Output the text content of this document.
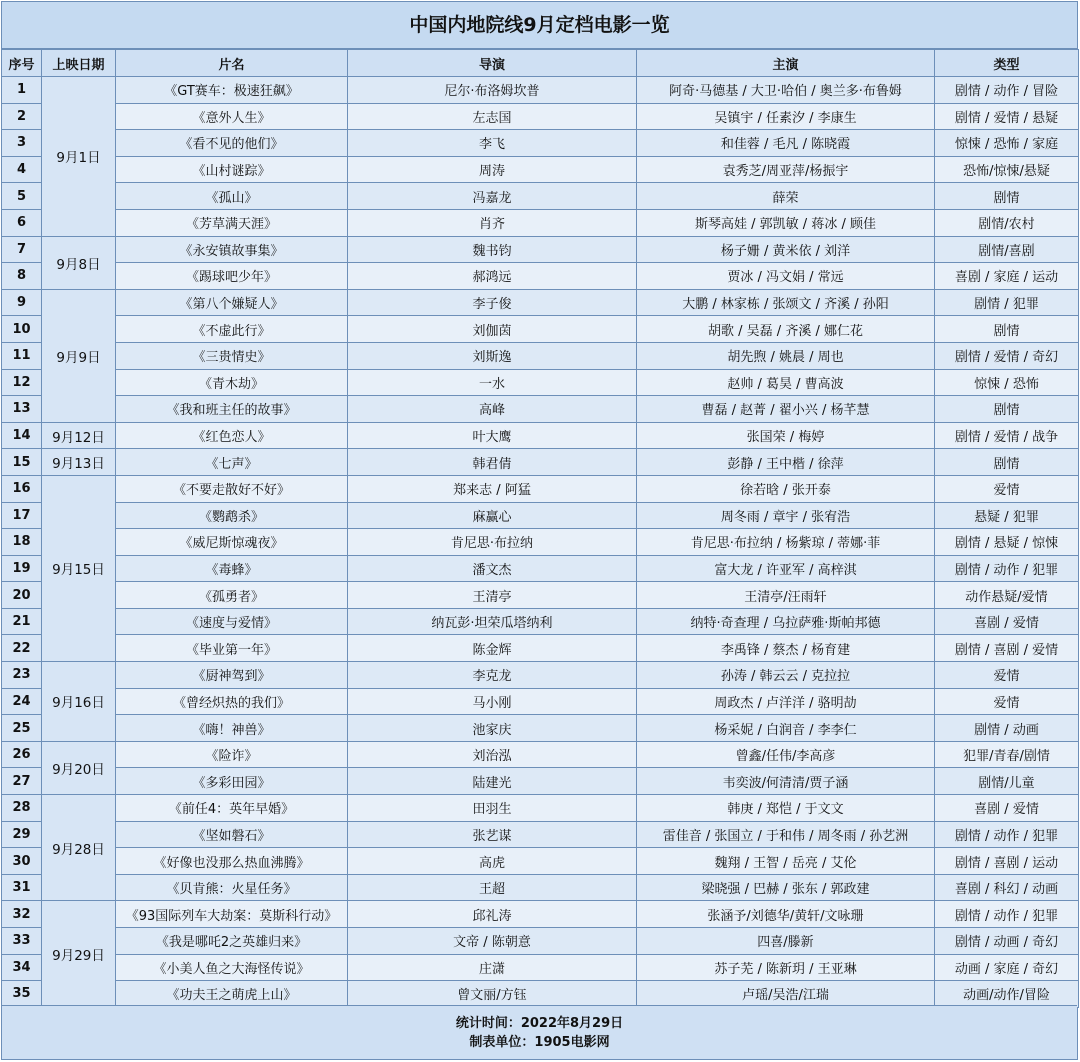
中国内地院线9月定档电影一览
序号	上映日期	片名	导演	主演	类型
1	9月1日	《GT赛车：极速狂飙》	尼尔·布洛姆坎普	阿奇·马德基 / 大卫·哈伯 / 奥兰多·布鲁姆	剧情 / 动作 / 冒险
2		《意外人生》	左志国	吴镇宇 / 任素汐 / 李康生	剧情 / 爱情 / 悬疑
3		《看不见的他们》	李飞	和佳蓉 / 毛凡 / 陈晓霞	惊悚 / 恐怖 / 家庭
4		《山村谜踪》	周涛	袁秀芝/周亚萍/杨振宇	恐怖/惊悚/悬疑
5		《孤山》	冯嘉龙	薛荣	剧情
6		《芳草满天涯》	肖齐	斯琴高娃 / 郭凯敏 / 蒋冰 / 顾佳	剧情/农村
7	9月8日	《永安镇故事集》	魏书钧	杨子姗 / 黄米依 / 刘洋	剧情/喜剧
8		《踢球吧少年》	郝鸿远	贾冰 / 冯文娟 / 常远	喜剧 / 家庭 / 运动
9	9月9日	《第八个嫌疑人》	李子俊	大鹏 / 林家栋 / 张颂文 / 齐溪 / 孙阳	剧情 / 犯罪
10		《不虚此行》	刘伽茵	胡歌 / 吴磊 / 齐溪 / 娜仁花	剧情
11		《三贵情史》	刘斯逸	胡先煦 / 姚晨 / 周也	剧情 / 爱情 / 奇幻
12		《青木劫》	一水	赵帅 / 葛昊 / 曹高波	惊悚 / 恐怖
13		《我和班主任的故事》	高峰	曹磊 / 赵菁 / 翟小兴 / 杨芊慧	剧情
14	9月12日	《红色恋人》	叶大鹰	张国荣 / 梅婷	剧情 / 爱情 / 战争
15	9月13日	《七声》	韩君倩	彭静 / 王中楷 / 徐萍	剧情
16	9月15日	《不要走散好不好》	郑来志 / 阿猛	徐若晗 / 张开泰	爱情
17		《鹦鹉杀》	麻赢心	周冬雨 / 章宇 / 张宥浩	悬疑 / 犯罪
18		《威尼斯惊魂夜》	肯尼思·布拉纳	肯尼思·布拉纳 / 杨紫琼 / 蒂娜·菲	剧情 / 悬疑 / 惊悚
19		《毒蜂》	潘文杰	富大龙 / 许亚军 / 高梓淇	剧情 / 动作 / 犯罪
20		《孤勇者》	王清亭	王清亭/汪雨轩	动作悬疑/爱情
21		《速度与爱情》	纳瓦彭·坦荣瓜塔纳利	纳特·奇查理 / 乌拉萨雅·斯帕邦德	喜剧 / 爱情
22		《毕业第一年》	陈金辉	李禹锋 / 蔡杰 / 杨育建	剧情 / 喜剧 / 爱情
23	9月16日	《厨神驾到》	李克龙	孙涛 / 韩云云 / 克拉拉	爱情
24		《曾经炽热的我们》	马小刚	周政杰 / 卢洋洋 / 骆明劼	爱情
25		《嗨！神兽》	池家庆	杨采妮 / 白润音 / 李李仁	剧情 / 动画
26	9月20日	《险诈》	刘治泓	曾鑫/任伟/李高彦	犯罪/青春/剧情
27		《多彩田园》	陆建光	韦奕波/何清清/贾子涵	剧情/儿童
28	9月28日	《前任4：英年早婚》	田羽生	韩庚 / 郑恺 / 于文文	喜剧 / 爱情
29		《坚如磐石》	张艺谋	雷佳音 / 张国立 / 于和伟 / 周冬雨 / 孙艺洲	剧情 / 动作 / 犯罪
30		《好像也没那么热血沸腾》	高虎	魏翔 / 王智 / 岳亮 / 艾伦	剧情 / 喜剧 / 运动
31		《贝肯熊：火星任务》	王超	梁晓强 / 巴赫 / 张东 / 郭政建	喜剧 / 科幻 / 动画
32	9月29日	《93国际列车大劫案：莫斯科行动》	邱礼涛	张涵予/刘德华/黄轩/文咏珊	剧情 / 动作 / 犯罪
33		《我是哪吒2之英雄归来》	文帝 / 陈朝意	四喜/滕新	剧情 / 动画 / 奇幻
34		《小美人鱼之大海怪传说》	庄潇	苏子芜 / 陈新玥 / 王亚琳	动画 / 家庭 / 奇幻
35		《功夫王之萌虎上山》	曾文丽/方钰	卢瑶/吴浩/江瑞	动画/动作/冒险
统计时间：2022年8月29日
制表单位：1905电影网
